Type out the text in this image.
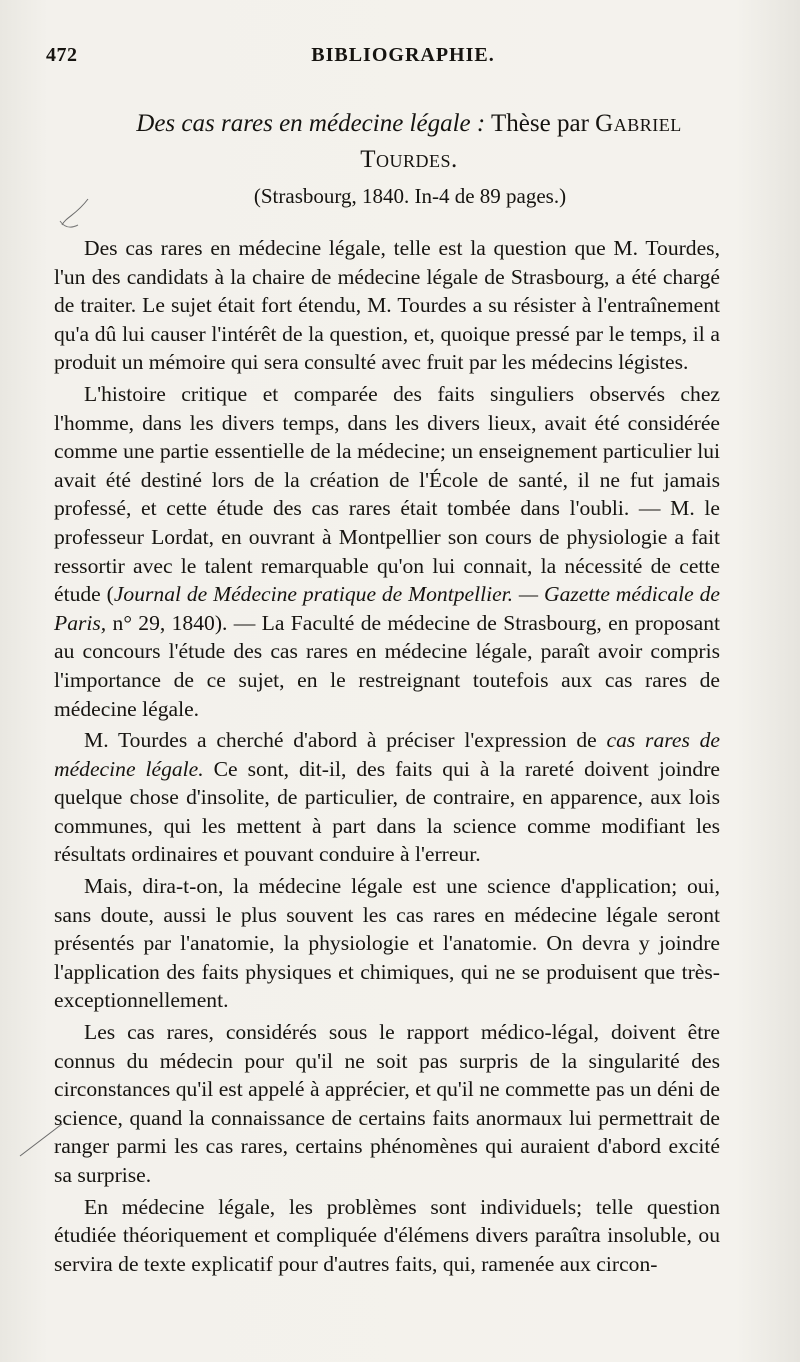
472	BIBLIOGRAPHIE.
Des cas rares en médecine légale : Thèse par Gabriel
Tourdes.
(Strasbourg, 1840. In-4 de 89 pages.)

Des cas rares en médecine légale, telle est la question que M. Tourdes, l'un des candidats à la chaire de médecine légale de Strasbourg, a été chargé de traiter. Le sujet était fort étendu, M. Tourdes a su résister à l'entraînement qu'a dû lui causer l'intérêt de la question, et, quoique pressé par le temps, il a produit un mémoire qui sera consulté avec fruit par les médecins légistes.

L'histoire critique et comparée des faits singuliers observés chez l'homme, dans les divers temps, dans les divers lieux, avait été considérée comme une partie essentielle de la médecine; un enseignement particulier lui avait été destiné lors de la création de l'École de santé, il ne fut jamais professé, et cette étude des cas rares était tombée dans l'oubli. — M. le professeur Lordat, en ouvrant à Montpellier son cours de physiologie a fait ressortir avec le talent remarquable qu'on lui connait, la nécessité de cette étude (Journal de Médecine pratique de Montpellier. — Gazette médicale de Paris, n° 29, 1840). — La Faculté de médecine de Strasbourg, en proposant au concours l'étude des cas rares en médecine légale, paraît avoir compris l'importance de ce sujet, en le restreignant toutefois aux cas rares de médecine légale.

M. Tourdes a cherché d'abord à préciser l'expression de cas rares de médecine légale. Ce sont, dit-il, des faits qui à la rareté doivent joindre quelque chose d'insolite, de particulier, de contraire, en apparence, aux lois communes, qui les mettent à part dans la science comme modifiant les résultats ordinaires et pouvant conduire à l'erreur.

Mais, dira-t-on, la médecine légale est une science d'application; oui, sans doute, aussi le plus souvent les cas rares en médecine légale seront présentés par l'anatomie, la physiologie et l'anatomie. On devra y joindre l'application des faits physiques et chimiques, qui ne se produisent que très-exceptionnellement.

Les cas rares, considérés sous le rapport médico-légal, doivent être connus du médecin pour qu'il ne soit pas surpris de la singularité des circonstances qu'il est appelé à apprécier, et qu'il ne commette pas un déni de science, quand la connaissance de certains faits anormaux lui permettrait de ranger parmi les cas rares, certains phénomènes qui auraient d'abord excité sa surprise.

En médecine légale, les problèmes sont individuels; telle question étudiée théoriquement et compliquée d'élémens divers paraîtra insoluble, ou servira de texte explicatif pour d'autres faits, qui, ramenée aux circon-
